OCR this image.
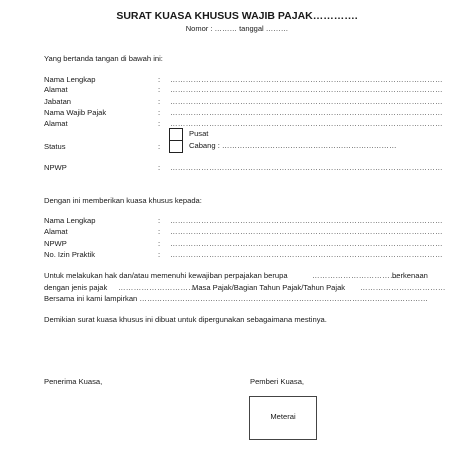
SURAT KUASA KHUSUS WAJIB PAJAK………….
Nomor : ……… tanggal ………
Yang bertanda tangan di bawah ini:
Nama Lengkap	: ……………………………………………………………………………………………
Alamat	: ……………………………………………………………………………………………
Jabatan	: ……………………………………………………………………………………………
Nama Wajib Pajak	: ……………………………………………………………………………………………
Alamat	: ……………………………………………………………………………………………
Status	:
Pusat
Cabang : ……………………………………………………………
NPWP	: ……………………………………………………………………………………………
Dengan ini memberikan kuasa khusus kepada:
Nama Lengkap	: ……………………………………………………………………………………………
Alamat	: ……………………………………………………………………………………………
NPWP	: ……………………………………………………………………………………………
No. Izin Praktik	: ……………………………………………………………………………………………
Untuk melakukan hak dan/atau memenuhi kewajiban perpajakan berupa	……………………………
berkenaan
dengan jenis pajak …………………………
Masa Pajak/Bagian Tahun Pajak/Tahun Pajak ……………………………
Bersama ini kami lampirkan ……………………………………………………………………………………………………
Demikian surat kuasa khusus ini dibuat untuk dipergunakan sebagaimana mestinya.
Penerima Kuasa,	Pemberi Kuasa,
Meterai
